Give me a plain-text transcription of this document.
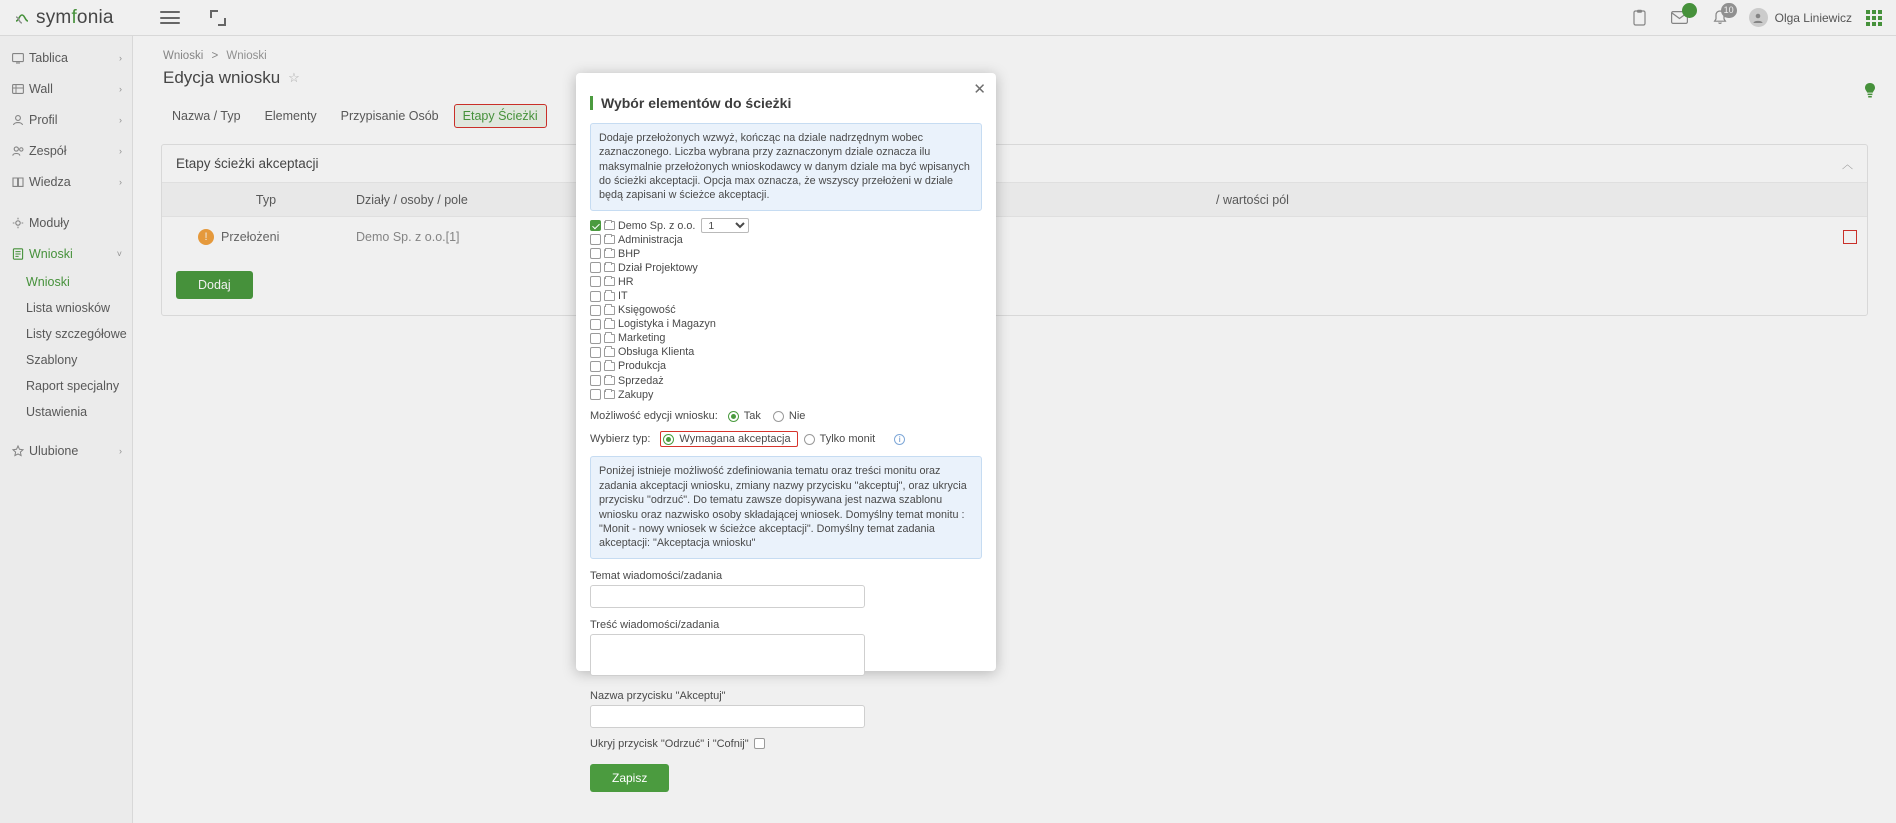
symfonia	10
Olga Liniewicz
Tablica	›
Wall	›
Profil	›
Zespół	›
Wiedza	›
Moduły
Wnioski	˅
Wnioski
Lista wniosków
Listy szczegółowe
Szablony
Raport specjalny
Ustawienia
Ulubione	›
Wnioski > Wnioski
Edycja wniosku ☆
Nazwa / Typ	Elementy	Przypisanie Osób	Etapy Ścieżki
Etapy ścieżki akceptacji	︿
Typ	Działy / osoby / pole	/ wartości pól
!	Przełożeni	Demo Sp. z o.o.[1]
Dodaj
✕
Wybór elementów do ścieżki
Dodaje przełożonych wzwyż, kończąc na dziale nadrzędnym wobec zaznaczonego. Liczba wybrana przy zaznaczonym dziale oznacza ilu maksymalnie przełożonych wnioskodawcy w danym dziale ma być wpisanych do ścieżki akceptacji. Opcja max oznacza, że wszyscy przełożeni w dziale będą zapisani w ścieżce akceptacji.
Demo Sp. z o.o.
1
Administracja
BHP
Dział Projektowy
HR
IT
Księgowość
Logistyka i Magazyn
Marketing
Obsługa Klienta
Produkcja
Sprzedaż
Zakupy
Możliwość edycji wniosku: Tak	Nie
Wybierz typ:	Wymagana akceptacja	Tylko monit	i
Poniżej istnieje możliwość zdefiniowania tematu oraz treści monitu oraz zadania akceptacji wniosku, zmiany nazwy przycisku "akceptuj", oraz ukrycia przycisku "odrzuć". Do tematu zawsze dopisywana jest nazwa szablonu wniosku oraz nazwisko osoby składającej wniosek. Domyślny temat monitu : "Monit - nowy wniosek w ścieżce akceptacji". Domyślny temat zadania akceptacji: "Akceptacja wniosku"
Temat wiadomości/zadania
Treść wiadomości/zadania
Nazwa przycisku "Akceptuj"
Ukryj przycisk "Odrzuć" i "Cofnij"
Zapisz
